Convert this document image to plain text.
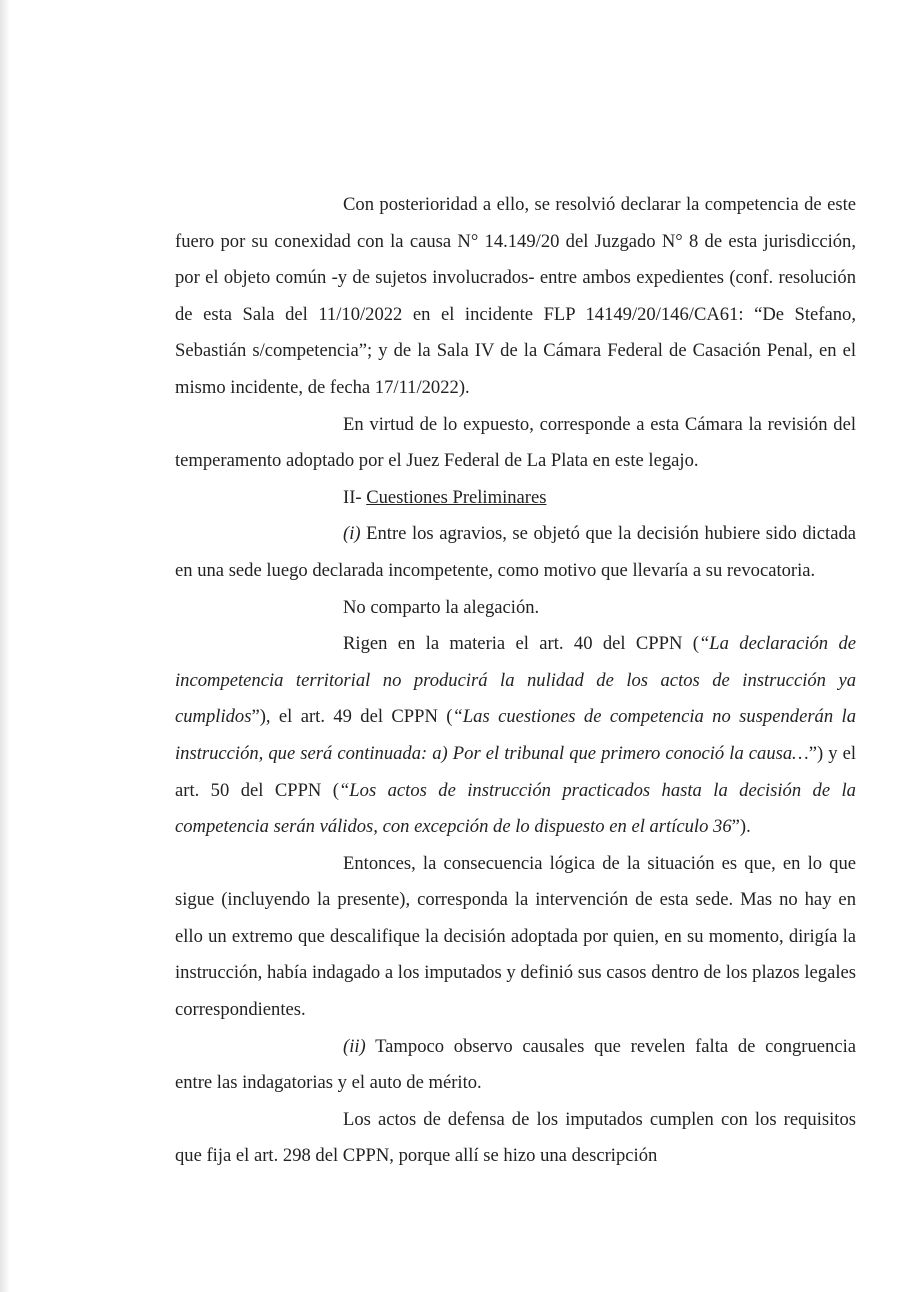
Con posterioridad a ello, se resolvió declarar la competencia de este fuero por su conexidad con la causa N° 14.149/20 del Juzgado N° 8 de esta jurisdicción, por el objeto común -y de sujetos involucrados- entre ambos expedientes (conf. resolución de esta Sala del 11/10/2022 en el incidente FLP 14149/20/146/CA61: “De Stefano, Sebastián s/competencia”; y de la Sala IV de la Cámara Federal de Casación Penal, en el mismo incidente, de fecha 17/11/2022).

En virtud de lo expuesto, corresponde a esta Cámara la revisión del temperamento adoptado por el Juez Federal de La Plata en este legajo.

II- Cuestiones Preliminares

(i) Entre los agravios, se objetó que la decisión hubiere sido dictada en una sede luego declarada incompetente, como motivo que llevaría a su revocatoria.

No comparto la alegación.

Rigen en la materia el art. 40 del CPPN (“La declaración de incompetencia territorial no producirá la nulidad de los actos de instrucción ya cumplidos”), el art. 49 del CPPN (“Las cuestiones de competencia no suspenderán la instrucción, que será continuada: a) Por el tribunal que primero conoció la causa…”) y el art. 50 del CPPN (“Los actos de instrucción practicados hasta la decisión de la competencia serán válidos, con excepción de lo dispuesto en el artículo 36”).

Entonces, la consecuencia lógica de la situación es que, en lo que sigue (incluyendo la presente), corresponda la intervención de esta sede. Mas no hay en ello un extremo que descalifique la decisión adoptada por quien, en su momento, dirigía la instrucción, había indagado a los imputados y definió sus casos dentro de los plazos legales correspondientes.

(ii) Tampoco observo causales que revelen falta de congruencia entre las indagatorias y el auto de mérito.

Los actos de defensa de los imputados cumplen con los requisitos que fija el art. 298 del CPPN, porque allí se hizo una descripción
